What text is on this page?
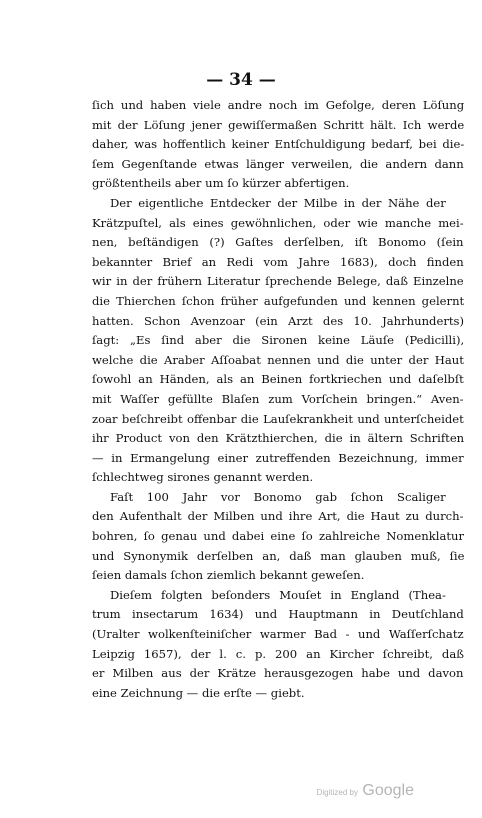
— 34 —
ſich und haben viele andre noch im Gefolge, deren Löſung
mit der Löſung jener gewiſſermaßen Schritt hält. Ich werde
daher, was hoffentlich keiner Entſchuldigung bedarf, bei die-
ſem Gegenſtande etwas länger verweilen, die andern dann
größtentheils aber um ſo kürzer abfertigen.
Der eigentliche Entdecker der Milbe in der Nähe der
Krätzpuſtel, als eines gewöhnlichen, oder wie manche mei-
nen, beſtändigen (?) Gaſtes derſelben, iſt Bonomo (ſein
bekannter Brief an Redi vom Jahre 1683), doch finden
wir in der frühern Literatur ſprechende Belege, daß Einzelne
die Thierchen ſchon früher aufgefunden und kennen gelernt
hatten. Schon Avenzoar (ein Arzt des 10. Jahrhunderts)
ſagt: „Es ſind aber die Sironen keine Läuſe (Pedicilli),
welche die Araber Aſſoabat nennen und die unter der Haut
ſowohl an Händen, als an Beinen fortkriechen und daſelbſt
mit Waſſer gefüllte Blaſen zum Vorſchein bringen.“ Aven-
zoar beſchreibt offenbar die Lauſekrankheit und unterſcheidet
ihr Product von den Krätzthierchen, die in ältern Schriften
— in Ermangelung einer zutreffenden Bezeichnung, immer
ſchlechtweg sirones genannt werden.
Faſt 100 Jahr vor Bonomo gab ſchon Scaliger
den Aufenthalt der Milben und ihre Art, die Haut zu durch-
bohren, ſo genau und dabei eine ſo zahlreiche Nomenklatur
und Synonymik derſelben an, daß man glauben muß, ſie
ſeien damals ſchon ziemlich bekannt geweſen.
Dieſem folgten beſonders Mouſet in England (Thea-
trum insectarum 1634) und Hauptmann in Deutſchland
(Uralter wolkenſteiniſcher warmer Bad - und Waſſerſchatz
Leipzig 1657), der l. c. p. 200 an Kircher ſchreibt, daß
er Milben aus der Krätze herausgezogen habe und davon
eine Zeichnung — die erſte — giebt.
Digitized by Google
